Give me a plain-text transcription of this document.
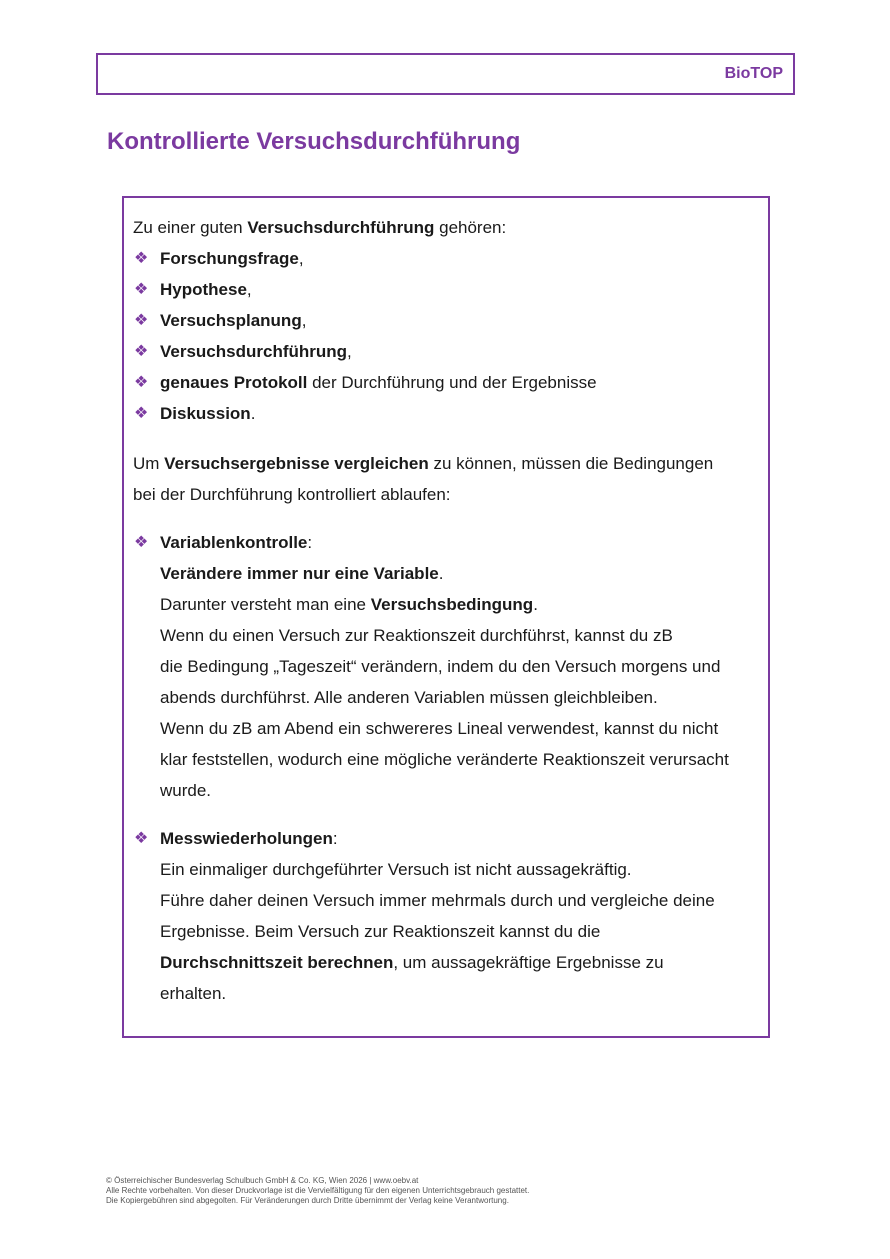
BioTOP
Kontrollierte Versuchsdurchführung
Zu einer guten Versuchsdurchführung gehören:
❖ Forschungsfrage,
❖ Hypothese,
❖ Versuchsplanung,
❖ Versuchsdurchführung,
❖ genaues Protokoll der Durchführung und der Ergebnisse
❖ Diskussion.
Um Versuchsergebnisse vergleichen zu können, müssen die Bedingungen
bei der Durchführung kontrolliert ablaufen:
❖ Variablenkontrolle:
Verändere immer nur eine Variable.
Darunter versteht man eine Versuchsbedingung.
Wenn du einen Versuch zur Reaktionszeit durchführst, kannst du zB
die Bedingung „Tageszeit“ verändern, indem du den Versuch morgens und
abends durchführst. Alle anderen Variablen müssen gleichbleiben.
Wenn du zB am Abend ein schwereres Lineal verwendest, kannst du nicht
klar feststellen, wodurch eine mögliche veränderte Reaktionszeit verursacht
wurde.
❖ Messwiederholungen:
Ein einmaliger durchgeführter Versuch ist nicht aussagekräftig.
Führe daher deinen Versuch immer mehrmals durch und vergleiche deine
Ergebnisse. Beim Versuch zur Reaktionszeit kannst du die
Durchschnittszeit berechnen, um aussagekräftige Ergebnisse zu
erhalten.
© Österreichischer Bundesverlag Schulbuch GmbH & Co. KG, Wien 2026 | www.oebv.at
Alle Rechte vorbehalten. Von dieser Druckvorlage ist die Vervielfältigung für den eigenen Unterrichtsgebrauch gestattet.
Die Kopiergebühren sind abgegolten. Für Veränderungen durch Dritte übernimmt der Verlag keine Verantwortung.
